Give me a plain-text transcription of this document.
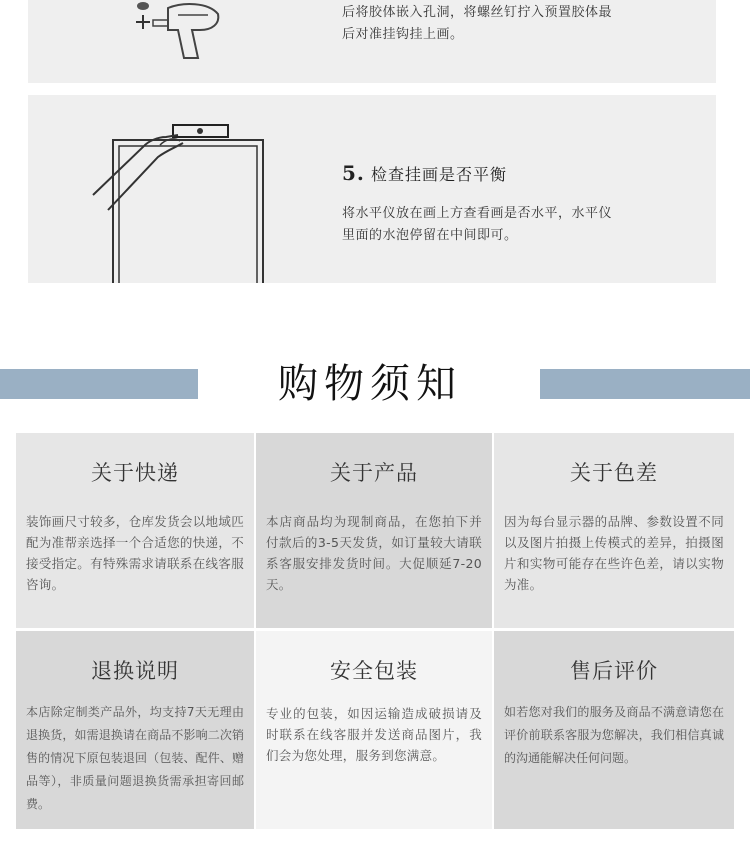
后将胶体嵌入孔洞，将螺丝钉拧入预置胶体最
后对准挂钩挂上画。
5. 检查挂画是否平衡
将水平仪放在画上方查看画是否水平，水平仪
里面的水泡停留在中间即可。
购物须知
关于快递
装饰画尺寸较多，仓库发货会以地域匹配为准帮亲选择一个合适您的快递，不接受指定。有特殊需求请联系在线客服咨询。
关于产品
本店商品均为现制商品，在您拍下并付款后的3-5天发货，如订量较大请联系客服安排发货时间。大促顺延7-20天。
关于色差
因为每台显示器的品牌、参数设置不同以及图片拍摄上传模式的差异，拍摄图片和实物可能存在些许色差，请以实物为准。
退换说明
本店除定制类产品外，均支持7天无理由退换货，如需退换请在商品不影响二次销售的情况下原包装退回（包装、配件、赠品等），非质量问题退换货需承担寄回邮费。
安全包装
专业的包装，如因运输造成破损请及时联系在线客服并发送商品图片，我们会为您处理，服务到您满意。
售后评价
如若您对我们的服务及商品不满意请您在评价前联系客服为您解决，我们相信真诚的沟通能解决任何问题。
